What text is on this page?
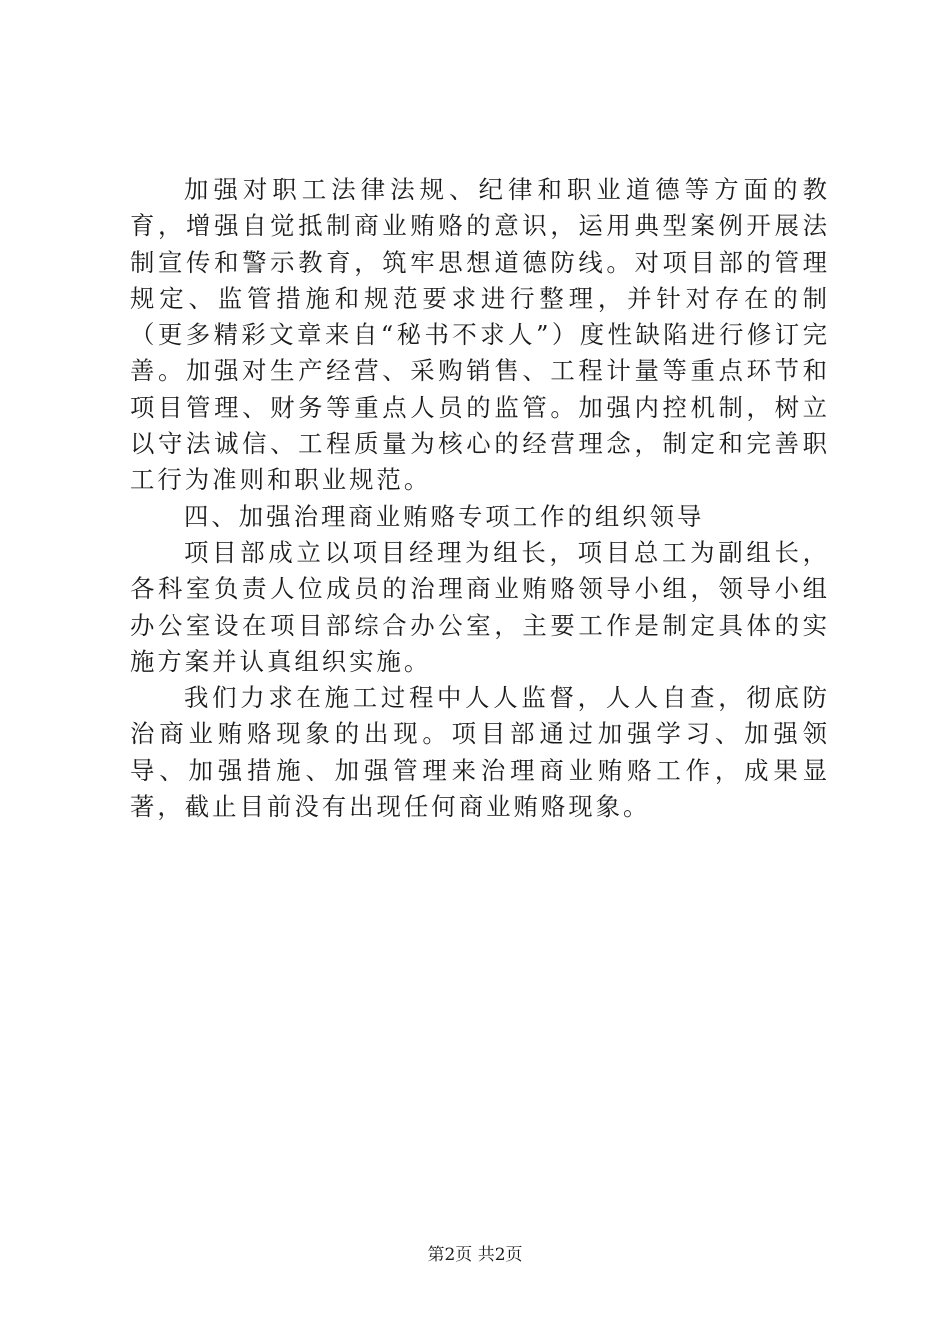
加强对职工法律法规、纪律和职业道德等方面的教育，增强自觉抵制商业贿赂的意识，运用典型案例开展法制宣传和警示教育，筑牢思想道德防线。对项目部的管理规定、监管措施和规范要求进行整理，并针对存在的制（更多精彩文章来自“秘书不求人”）度性缺陷进行修订完善。加强对生产经营、采购销售、工程计量等重点环节和项目管理、财务等重点人员的监管。加强内控机制，树立以守法诚信、工程质量为核心的经营理念，制定和完善职工行为准则和职业规范。

四、加强治理商业贿赂专项工作的组织领导

项目部成立以项目经理为组长，项目总工为副组长，各科室负责人位成员的治理商业贿赂领导小组，领导小组办公室设在项目部综合办公室，主要工作是制定具体的实施方案并认真组织实施。

我们力求在施工过程中人人监督，人人自查，彻底防治商业贿赂现象的出现。项目部通过加强学习、加强领导、加强措施、加强管理来治理商业贿赂工作，成果显著，截止目前没有出现任何商业贿赂现象。

第2页 共2页
